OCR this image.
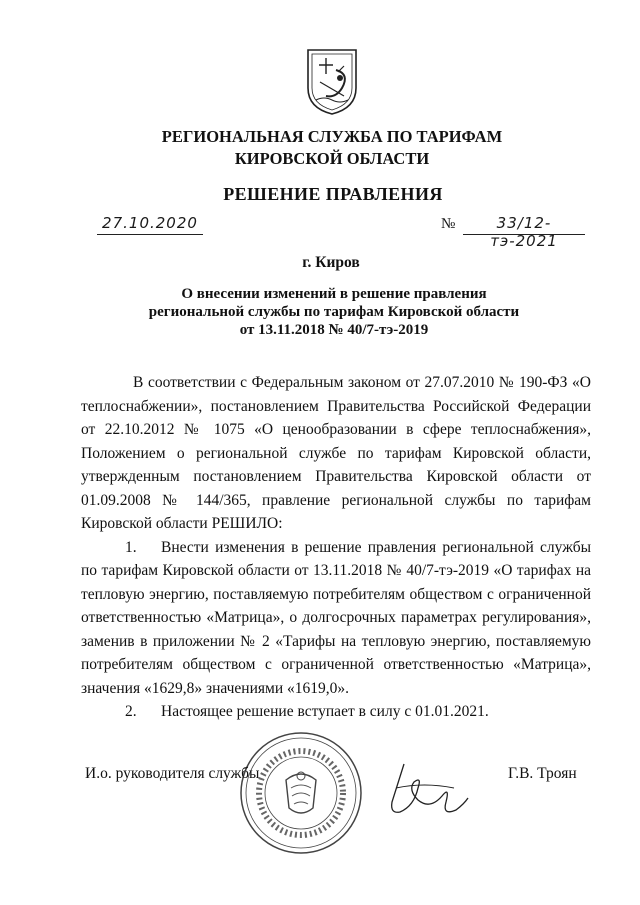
РЕГИОНАЛЬНАЯ СЛУЖБА ПО ТАРИФАМ
КИРОВСКОЙ ОБЛАСТИ
РЕШЕНИЕ ПРАВЛЕНИЯ
27.10.2020	№	33/12-тэ-2021
г. Киров
О внесении изменений в решение правления
региональной службы по тарифам Кировской области
от 13.11.2018 № 40/7-тэ-2019

В соответствии с Федеральным законом от 27.07.2010 № 190-ФЗ «О теплоснабжении», постановлением Правительства Российской Федерации от 22.10.2012 № 1075 «О ценообразовании в сфере теплоснабжения», Положением о региональной службе по тарифам Кировской области, утвержденным постановлением Правительства Кировской области от 01.09.2008 № 144/365, правление региональной службы по тарифам Кировской области РЕШИЛО:

1. Внести изменения в решение правления региональной службы по тарифам Кировской области от 13.11.2018 № 40/7-тэ-2019 «О тарифах на тепловую энергию, поставляемую потребителям обществом с ограниченной ответственностью «Матрица», о долгосрочных параметрах регулирования», заменив в приложении № 2 «Тарифы на тепловую энергию, поставляемую потребителям обществом с ограниченной ответственностью «Матрица», значения «1629,8» значениями «1619,0».

2. Настоящее решение вступает в силу с 01.01.2021.

И.о. руководителя службы	Г.В. Троян
